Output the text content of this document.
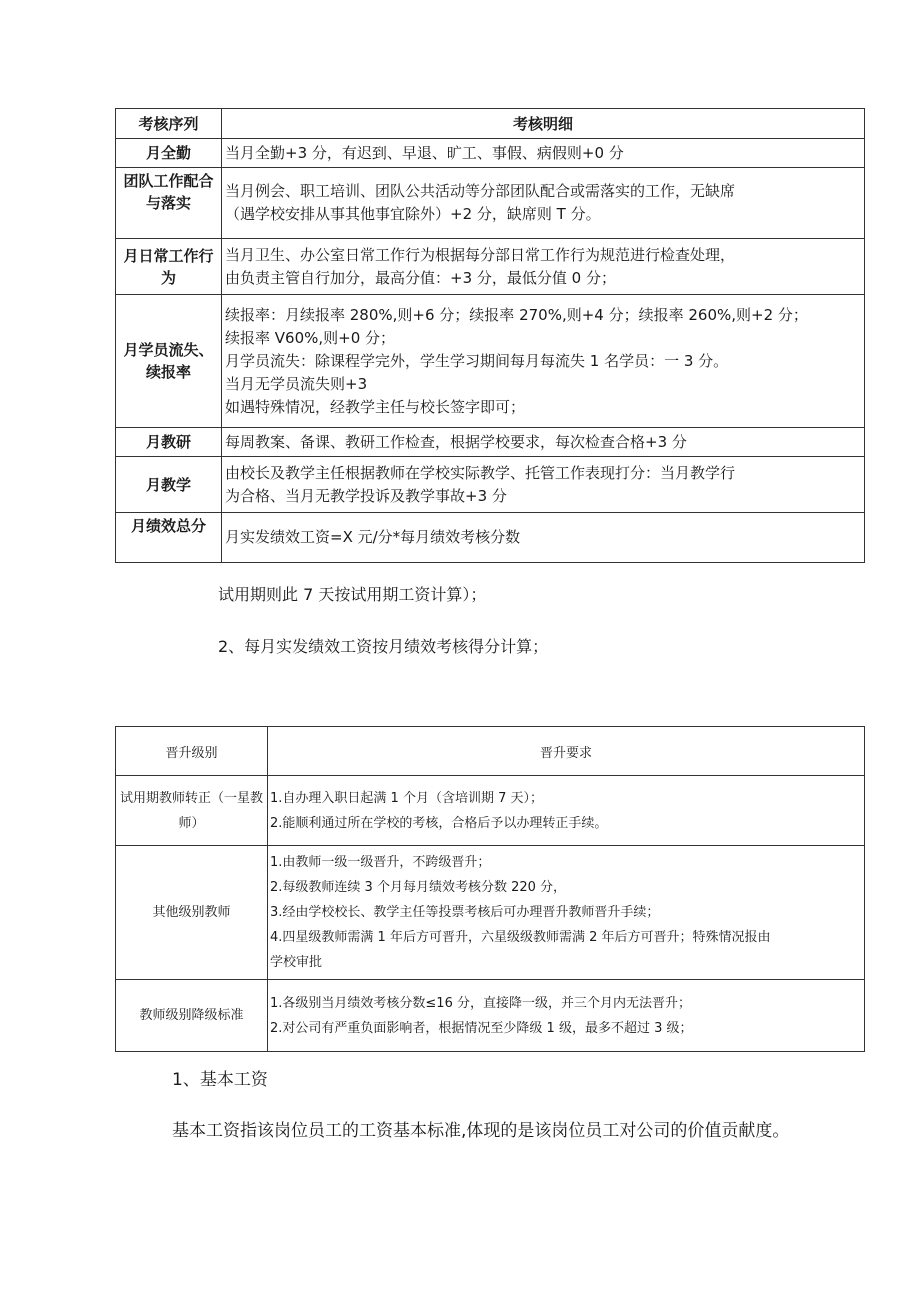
考核序列	考核明细
月全勤	当月全勤+3 分，有迟到、早退、旷工、事假、病假则+0 分

团队工作配合与落实	当月例会、职工培训、团队公共活动等分部团队配合或需落实的工作，无缺席
（遇学校安排从事其他事宜除外）+2 分，缺席则 T 分。

月日常工作行为	当月卫生、办公室日常工作行为根据每分部日常工作行为规范进行检查处理，
由负责主管自行加分，最高分值：+3 分，最低分值 0 分；

月学员流失、续报率	续报率：月续报率 280%,则+6 分；续报率 270%,则+4 分；续报率 260%,则+2 分；
续报率 V60%,则+0 分；
月学员流失：除课程学完外，学生学习期间每月每流失 1 名学员：一 3 分。
当月无学员流失则+3
如遇特殊情况，经教学主任与校长签字即可；

月教研	每周教案、备课、教研工作检查，根据学校要求，每次检查合格+3 分

月教学	由校长及教学主任根据教师在学校实际教学、托管工作表现打分：当月教学行
为合格、当月无教学投诉及教学事故+3 分

月绩效总分	月实发绩效工资=X 元/分*每月绩效考核分数
试用期则此 7 天按试用期工资计算）；
2、每月实发绩效工资按月绩效考核得分计算；
晋升级别	晋升要求
试用期教师转正（一星教师）	1.自办理入职日起满 1 个月（含培训期 7 天）；
2.能顺利通过所在学校的考核，合格后予以办理转正手续。

其他级别教师	1.由教师一级一级晋升，不跨级晋升；
2.每级教师连续 3 个月每月绩效考核分数 220 分，
3.经由学校校长、教学主任等投票考核后可办理晋升教师晋升手续；
4.四星级教师需满 1 年后方可晋升，六星级级教师需满 2 年后方可晋升；特殊情况报由
学校审批

教师级别降级标准	1.各级别当月绩效考核分数≤16 分，直接降一级，并三个月内无法晋升；
2.对公司有严重负面影响者，根据情况至少降级 1 级，最多不超过 3 级；
1、基本工资
基本工资指该岗位员工的工资基本标准,体现的是该岗位员工对公司的价值贡献度。
